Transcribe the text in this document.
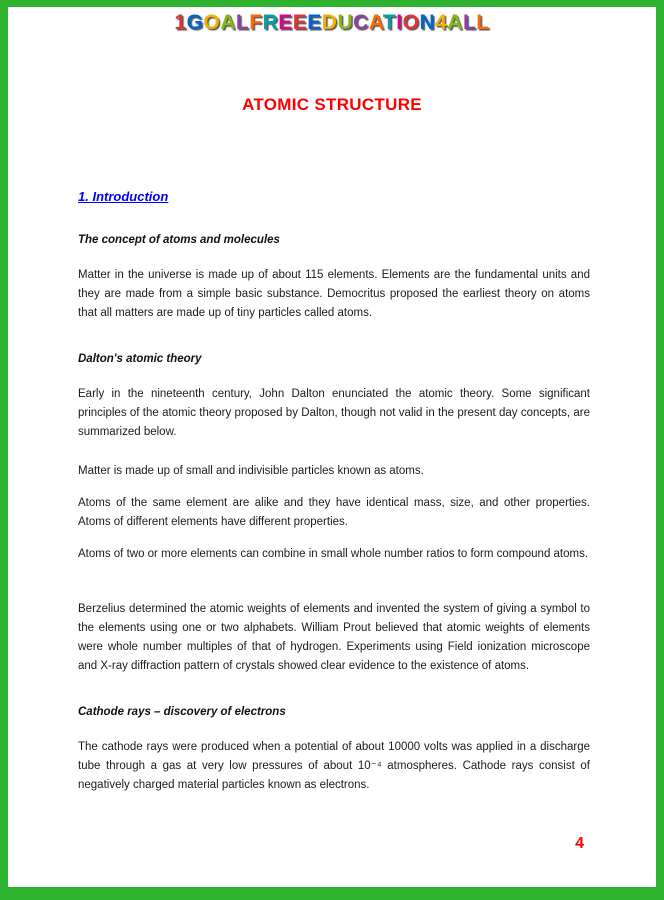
1GOALFREEEDUCATION4ALL
ATOMIC STRUCTURE
1. Introduction
The concept of atoms and molecules

Matter in the universe is made up of about 115 elements. Elements are the fundamental units and they are made from a simple basic substance. Democritus proposed the earliest theory on atoms that all matters are made up of tiny particles called atoms.

Dalton's atomic theory

Early in the nineteenth century, John Dalton enunciated the atomic theory. Some significant principles of the atomic theory proposed by Dalton, though not valid in the present day concepts, are summarized below.

Matter is made up of small and indivisible particles known as atoms.

Atoms of the same element are alike and they have identical mass, size, and other properties. Atoms of different elements have different properties.

Atoms of two or more elements can combine in small whole number ratios to form compound atoms.

Berzelius determined the atomic weights of elements and invented the system of giving a symbol to the elements using one or two alphabets. William Prout believed that atomic weights of elements were whole number multiples of that of hydrogen. Experiments using Field ionization microscope and X-ray diffraction pattern of crystals showed clear evidence to the existence of atoms.

Cathode rays – discovery of electrons

The cathode rays were produced when a potential of about 10000 volts was applied in a discharge tube through a gas at very low pressures of about 10⁻⁴ atmospheres. Cathode rays consist of negatively charged material particles known as electrons.

4
